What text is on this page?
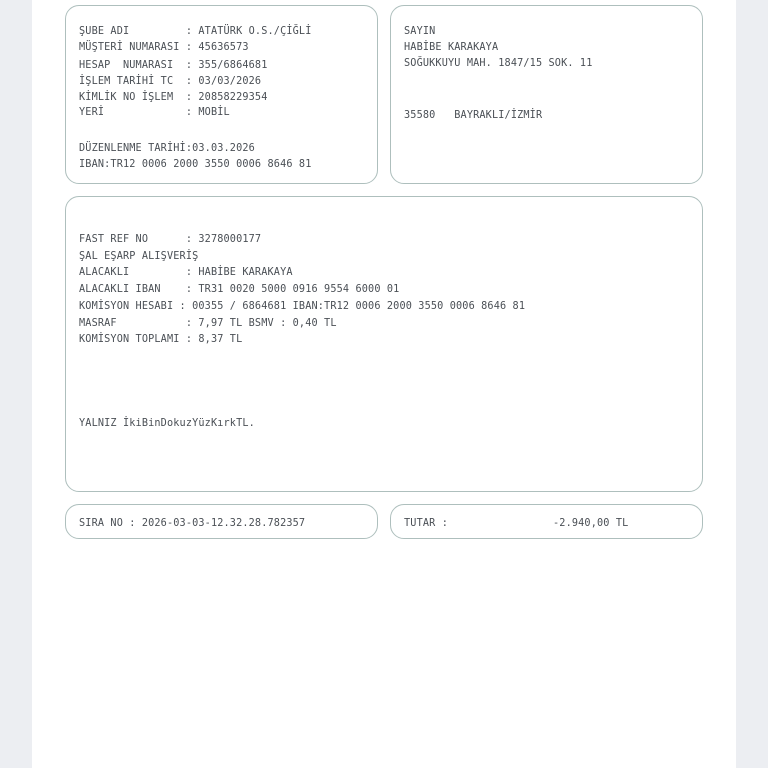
ŞUBE ADI         : ATATÜRK O.S./ÇİĞLİ
MÜŞTERİ NUMARASI : 45636573
HESAP  NUMARASI  : 355/6864681
İŞLEM TARİHİ TC  : 03/03/2026
KİMLİK NO İŞLEM  : 20858229354
YERİ             : MOBİL
DÜZENLENME TARİHİ:03.03.2026
IBAN:TR12 0006 2000 3550 0006 8646 81
SAYIN
HABİBE KARAKAYA
SOĞUKKUYU MAH. 1847/15 SOK. 11
35580   BAYRAKLI/İZMİR
FAST REF NO      : 3278000177
ŞAL EŞARP ALIŞVERİŞ
ALACAKLI         : HABİBE KARAKAYA
ALACAKLI IBAN    : TR31 0020 5000 0916 9554 6000 01
KOMİSYON HESABI : 00355 / 6864681 IBAN:TR12 0006 2000 3550 0006 8646 81
MASRAF           : 7,97 TL BSMV : 0,40 TL
KOMİSYON TOPLAMI : 8,37 TL
YALNIZ İkiBinDokuzYüzKırkTL.
SIRA NO : 2026-03-03-12.32.28.782357	TUTAR :	-2.940,00 TL
